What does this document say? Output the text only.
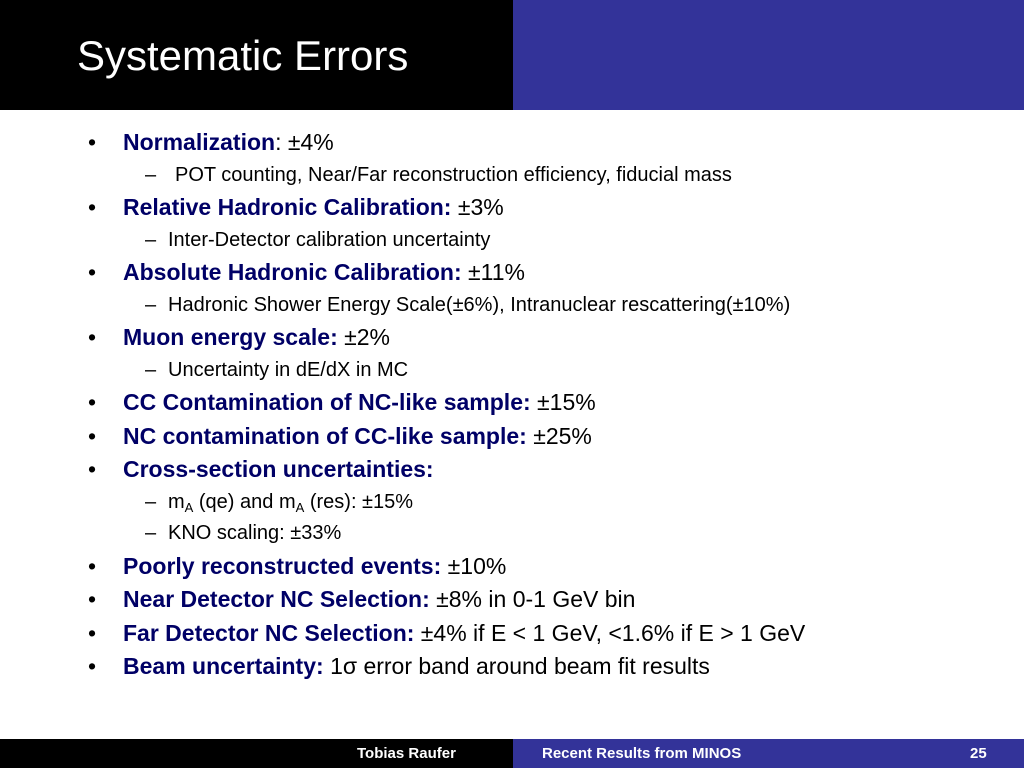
Systematic Errors
• Normalization: ±4%
– POT counting, Near/Far reconstruction efficiency, fiducial mass
• Relative Hadronic Calibration: ±3%
– Inter-Detector calibration uncertainty
• Absolute Hadronic Calibration: ±11%
– Hadronic Shower Energy Scale(±6%), Intranuclear rescattering(±10%)
• Muon energy scale: ±2%
– Uncertainty in dE/dX in MC
• CC Contamination of NC-like sample: ±15%
• NC contamination of CC-like sample: ±25%
• Cross-section uncertainties:
– $m_A$ (qe) and $m_A$ (res): ±15%
– KNO scaling: ±33%
• Poorly reconstructed events: ±10%
• Near Detector NC Selection: ±8% in 0-1 GeV bin
• Far Detector NC Selection: ±4% if E < 1 GeV, <1.6% if E > 1 GeV
• Beam uncertainty: 1σ error band around beam fit results
Tobias Raufer	Recent Results from MINOS	25
